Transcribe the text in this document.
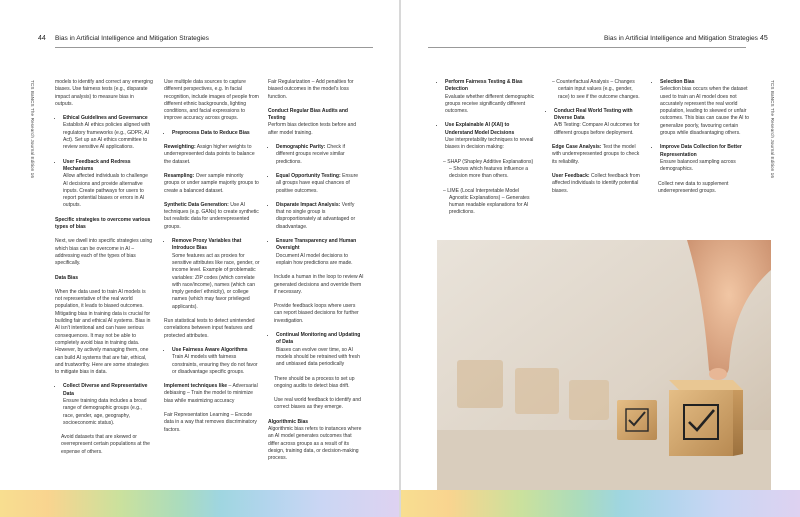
44 Bias in Artificial Intelligence and Mitigation Strategies	Bias in Artificial Intelligence and Mitigation Strategies 45
TCS BaNCS The Research Journal Edition 16	TCS BaNCS The Research Journal Edition 16

models to identify and correct any emerging biases. Use fairness tests (e.g., disparate impact analysis) to measure bias in outputs.

• Ethical Guidelines and Governance
Establish AI ethics policies aligned with regulatory frameworks (e.g., GDPR, AI Act). Set up an AI ethics committee to review sensitive AI applications.
• User Feedback and Redress Mechanisms
Allow affected individuals to challenge AI decisions and provide alternative inputs. Create pathways for users to report potential biases or errors in AI outputs.

Specific strategies to overcome various types of bias

Next, we dwell into specific strategies using which bias can be overcome in AI – addressing each of the types of bias specifically.

Data Bias

When the data used to train AI models is not representative of the real world population, it leads to biased outcomes. Mitigating bias in training data is crucial for building fair and ethical AI systems. Bias in AI isn't intentional and can have serious consequences. It may not be able to completely avoid bias in training data. However, by actively managing them, one can build AI systems that are fair, ethical, and trustworthy. Here are some strategies to mitigate bias in data.

• Collect Diverse and Representative Data
Ensure training data includes a broad range of demographic groups (e.g., race, gender, age, geography, socioeconomic status).

Avoid datasets that are skewed or overrepresent certain populations at the expense of others.

Use multiple data sources to capture different perspectives, e.g. In facial recognition, include images of people from different ethnic backgrounds, lighting conditions, and facial expressions to improve accuracy across groups.

• Preprocess Data to Reduce Bias

Reweighting: Assign higher weights to underrepresented data points to balance the dataset.

Resampling: Over sample minority groups or under sample majority groups to create a balanced dataset.

Synthetic Data Generation: Use AI techniques (e.g. GANs) to create synthetic but realistic data for underrepresented groups.

• Remove Proxy Variables that Introduce Bias
Some features act as proxies for sensitive attributes like race, gender, or income level. Example of problematic variables: ZIP codes (which correlate with race/income), names (which can imply gender/ ethnicity), or college names (which may favor privileged applicants).

Run statistical tests to detect unintended correlations between input features and protected attributes.

• Use Fairness Aware Algorithms
Train AI models with fairness constraints, ensuring they do not favor or disadvantage specific groups.

Implement techniques like – Adversarial debiasing – Train the model to minimize bias while maximizing accuracy

Fair Representation Learning – Encode data in a way that removes discriminatory factors.

Fair Regularization – Add penalties for biased outcomes in the model's loss function.

Conduct Regular Bias Audits and Testing
Perform bias detection tests before and after model training.

• Demographic Parity: Check if different groups receive similar predictions.
• Equal Opportunity Testing: Ensure all groups have equal chances of positive outcomes.
• Disparate Impact Analysis: Verify that no single group is disproportionately at advantaged or disadvantage.
• Ensure Transparency and Human Oversight
Document AI model decisions to explain how predictions are made.

Include a human in the loop to review AI generated decisions and override them if necessary.

Provide feedback loops where users can report biased decisions for further investigation.

• Continual Monitoring and Updating of Data
Biases can evolve over time, so AI models should be retrained with fresh and unbiased data periodically

There should be a process to set up ongoing audits to detect bias drift.

Use real world feedback to identify and correct biases as they emerge.

Algorithmic Bias
Algorithmic bias refers to instances where an AI model generates outcomes that differ across groups as a result of its design, training data, or decision-making process.

• Perform Fairness Testing & Bias Detection
Evaluate whether different demographic groups receive significantly different outcomes.
• Use Explainable AI (XAI) to Understand Model Decisions
Use interpretability techniques to reveal biases in decision making:

– SHAP (Shapley Additive Explanations) – Shows which features influence a decision more than others.

– LIME (Local Interpretable Model Agnostic Explanations) – Generates human readable explanations for AI predictions.

– Counterfactual Analysis – Changes certain input values (e.g., gender, race) to see if the outcome changes.

• Conduct Real World Testing with Diverse Data
A/B Testing: Compare AI outcomes for different groups before deployment.

Edge Case Analysis: Test the model with underrepresented groups to check its reliability.

User Feedback: Collect feedback from affected individuals to identify potential biases.

• Selection Bias
Selection bias occurs when the dataset used to train an AI model does not accurately represent the real world population, leading to skewed or unfair outcomes. This bias can cause the AI to generalize poorly, favouring certain groups while disadvantaging others.
• Improve Data Collection for Better Representation
Ensure balanced sampling across demographics.

Collect new data to supplement underrepresented groups.
